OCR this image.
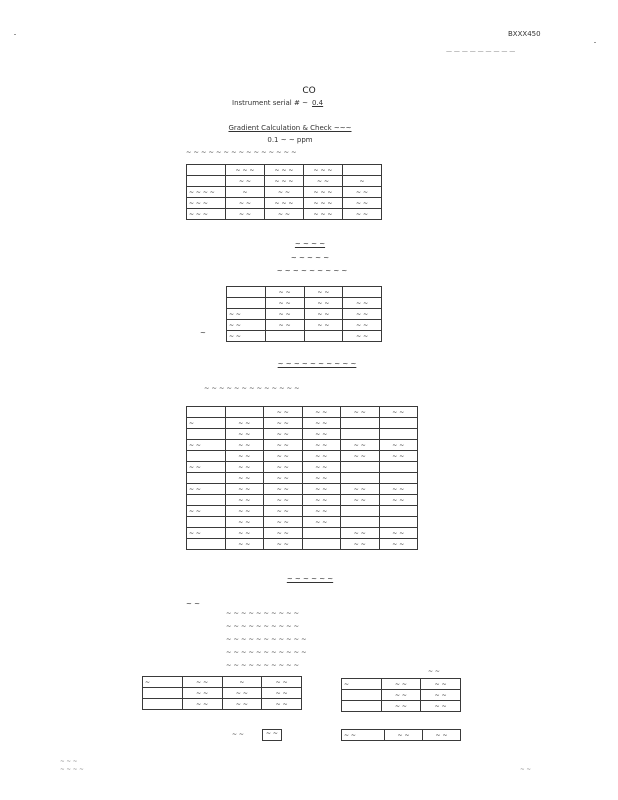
BXXX450
— — — — — — — — —
CO
Instrument serial # ~ 0.4
Gradient Calculation & Check ~~~
0.1 ~ ~ ppm
~ ~ ~ ~ ~ ~ ~ ~ ~ ~ ~ ~ ~ ~ ~
	~ ~ ~	~ ~ ~	~ ~ ~	
	~ ~	~ ~ ~	~ ~	~
~ ~ ~ ~	~	~ ~	~ ~ ~	~ ~
~ ~ ~	~ ~	~ ~ ~	~ ~ ~	~ ~
~ ~ ~	~ ~	~ ~	~ ~ ~	~ ~
~ ~ ~ ~
~ ~ ~ ~ ~
~ ~ ~ ~ ~ ~ ~ ~ ~
~
	~ ~	~ ~	
	~ ~	~ ~	~ ~
~ ~	~ ~	~ ~	~ ~
~ ~	~ ~	~ ~	~ ~
~ ~			~ ~
~ ~ ~ ~ ~ ~ ~ ~ ~ ~
~ ~ ~ ~ ~ ~ ~ ~ ~ ~ ~ ~ ~
		~ ~	~ ~	~ ~	~ ~
~	~ ~	~ ~	~ ~		
	~ ~	~ ~	~ ~		
~ ~	~ ~	~ ~	~ ~	~ ~	~ ~
	~ ~	~ ~	~ ~	~ ~	~ ~
~ ~	~ ~	~ ~	~ ~		
	~ ~	~ ~	~ ~		
~ ~	~ ~	~ ~	~ ~	~ ~	~ ~
	~ ~	~ ~	~ ~	~ ~	~ ~
~ ~	~ ~	~ ~	~ ~		
	~ ~	~ ~	~ ~		
~ ~	~ ~	~ ~		~ ~	~ ~
	~ ~	~ ~		~ ~	~ ~
~ ~ ~ ~ ~ ~
~ ~
~ ~ ~ ~ ~ ~ ~ ~ ~ ~
~ ~ ~ ~ ~ ~ ~ ~ ~ ~
~ ~ ~ ~ ~ ~ ~ ~ ~ ~ ~
~ ~ ~ ~ ~ ~ ~ ~ ~ ~ ~
~ ~ ~ ~ ~ ~ ~ ~ ~ ~
~	~ ~	~	~ ~
	~ ~	~ ~	~ ~
	~ ~	~ ~	~ ~
~ ~	~ ~
~ ~
~	~ ~	~ ~
	~ ~	~ ~
	~ ~	~ ~
~ ~	~ ~	~ ~
~ ~ ~
~ ~ ~ ~	~ ~
